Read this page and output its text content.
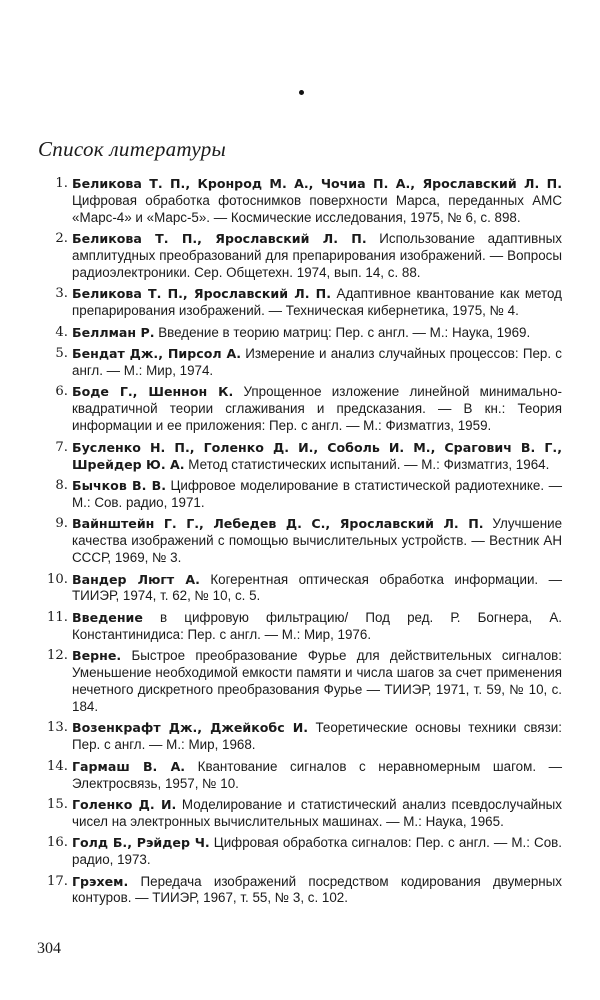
Список литературы
1. Беликова Т. П., Кронрод М. А., Чочиа П. А., Ярославский Л. П. Цифровая обработка фотоснимков поверхности Марса, переданных АМС «Марс-4» и «Марс-5». — Космические исследования, 1975, № 6, с. 898.
2. Беликова Т. П., Ярославский Л. П. Использование адаптивных амплитудных преобразований для препарирования изображений. — Вопросы радиоэлектроники. Сер. Общетехн. 1974, вып. 14, с. 88.
3. Беликова Т. П., Ярославский Л. П. Адаптивное квантование как метод препарирования изображений. — Техническая кибернетика, 1975, № 4.
4. Беллман Р. Введение в теорию матриц: Пер. с англ. — М.: Наука, 1969.
5. Бендат Дж., Пирсол А. Измерение и анализ случайных процессов: Пер. с англ. — М.: Мир, 1974.
6. Боде Г., Шеннон К. Упрощенное изложение линейной минимально-квадратичной теории сглаживания и предсказания. — В кн.: Теория информации и ее приложения: Пер. с англ. — М.: Физматгиз, 1959.
7. Бусленко Н. П., Голенко Д. И., Соболь И. М., Срагович В. Г., Шрейдер Ю. А. Метод статистических испытаний. — М.: Физматгиз, 1964.
8. Бычков В. В. Цифровое моделирование в статистической радиотехнике. — М.: Сов. радио, 1971.
9. Вайнштейн Г. Г., Лебедев Д. С., Ярославский Л. П. Улучшение качества изображений с помощью вычислительных устройств. — Вестник АН СССР, 1969, № 3.
10. Вандер Люгт А. Когерентная оптическая обработка информации. — ТИИЭР, 1974, т. 62, № 10, с. 5.
11. Введение в цифровую фильтрацию/ Под ред. Р. Богнера, А. Константинидиса: Пер. с англ. — М.: Мир, 1976.
12. Верне. Быстрое преобразование Фурье для действительных сигналов: Уменьшение необходимой емкости памяти и числа шагов за счет применения нечетного дискретного преобразования Фурье — ТИИЭР, 1971, т. 59, № 10, с. 184.
13. Возенкрафт Дж., Джейкобс И. Теоретические основы техники связи: Пер. с англ. — М.: Мир, 1968.
14. Гармаш В. А. Квантование сигналов с неравномерным шагом. — Электросвязь, 1957, № 10.
15. Голенко Д. И. Моделирование и статистический анализ псевдослучайных чисел на электронных вычислительных машинах. — М.: Наука, 1965.
16. Голд Б., Рэйдер Ч. Цифровая обработка сигналов: Пер. с англ. — М.: Сов. радио, 1973.
17. Грэхем. Передача изображений посредством кодирования двумерных контуров. — ТИИЭР, 1967, т. 55, № 3, с. 102.
304
